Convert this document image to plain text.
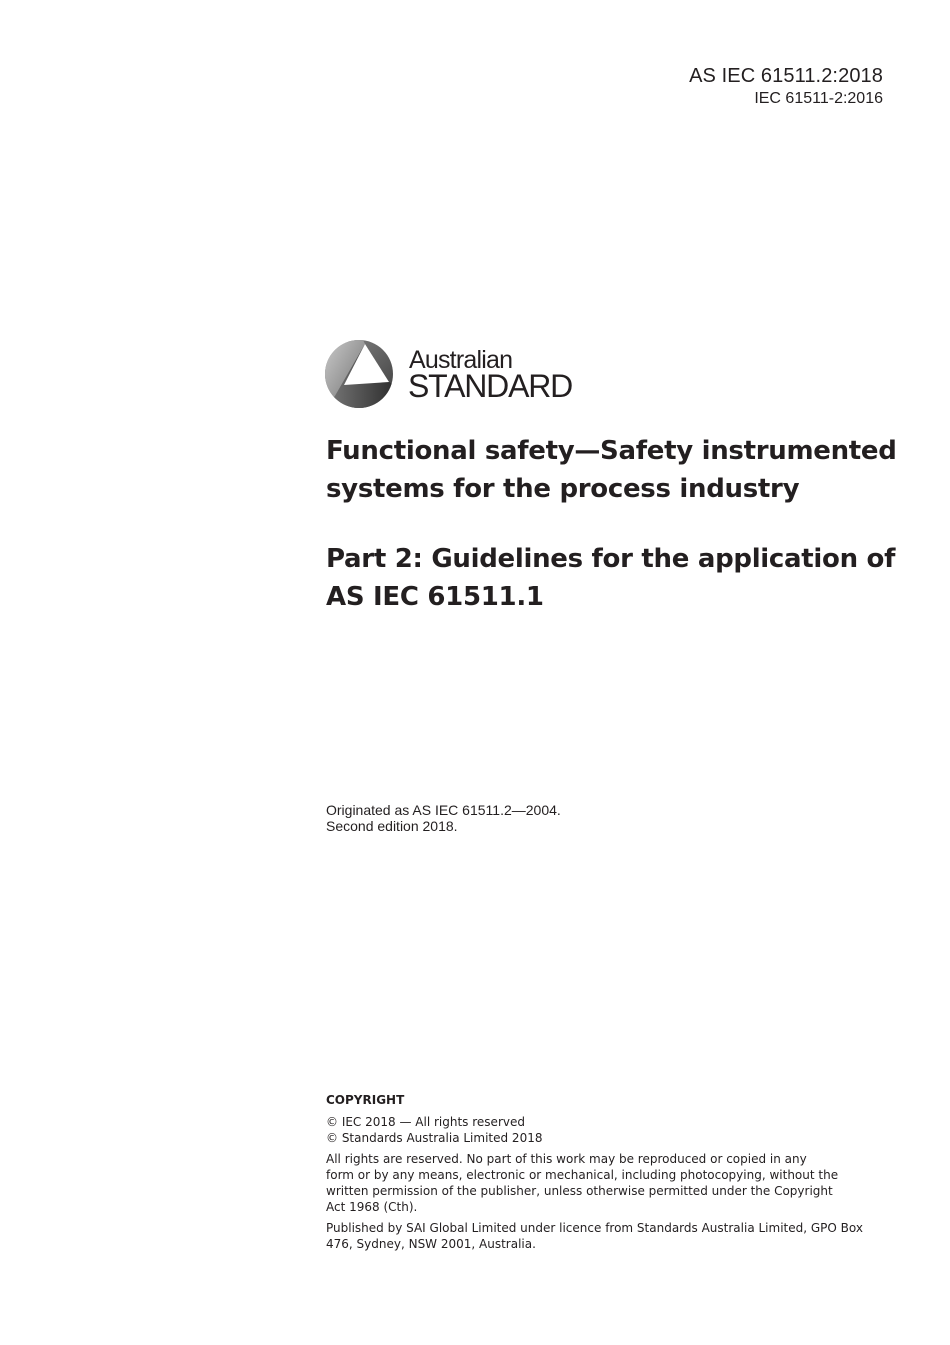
AS IEC 61511.2:2018
IEC 61511-2:2016
Australian
STANDARD
Functional safety—Safety instrumented
systems for the process industry
Part 2: Guidelines for the application of
AS IEC 61511.1
Originated as AS IEC 61511.2—2004.
Second edition 2018.
COPYRIGHT

© IEC 2018 — All rights reserved
© Standards Australia Limited 2018

All rights are reserved. No part of this work may be reproduced or copied in any
form or by any means, electronic or mechanical, including photocopying, without the
written permission of the publisher, unless otherwise permitted under the Copyright
Act 1968 (Cth).

Published by SAI Global Limited under licence from Standards Australia Limited, GPO Box
476, Sydney, NSW 2001, Australia.
